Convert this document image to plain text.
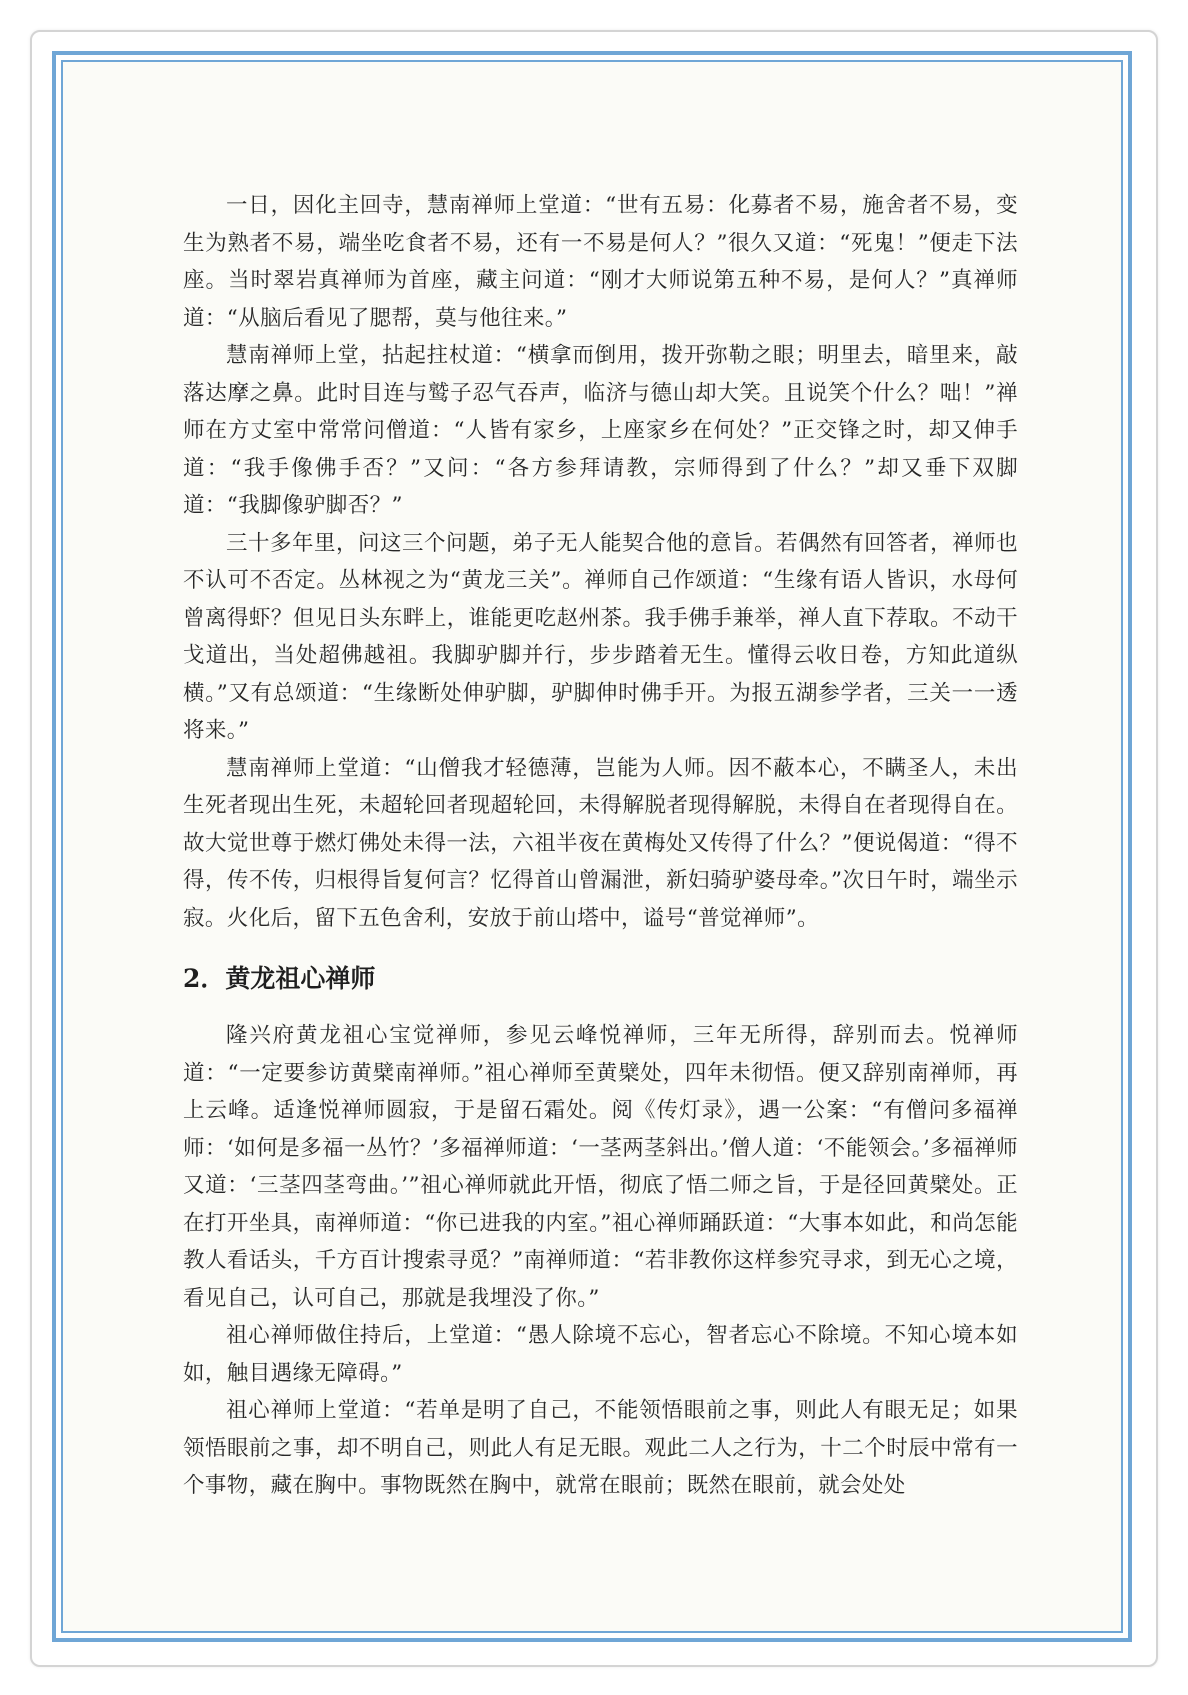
一日，因化主回寺，慧南禅师上堂道：“世有五易：化募者不易，施舍者不易，变生为熟者不易，端坐吃食者不易，还有一不易是何人？”很久又道：“死鬼！”便走下法座。当时翠岩真禅师为首座，藏主问道：“刚才大师说第五种不易，是何人？”真禅师道：“从脑后看见了腮帮，莫与他往来。”

慧南禅师上堂，拈起拄杖道：“横拿而倒用，拨开弥勒之眼；明里去，暗里来，敲落达摩之鼻。此时目连与鹫子忍气吞声，临济与德山却大笑。且说笑个什么？咄！”禅师在方丈室中常常问僧道：“人皆有家乡，上座家乡在何处？”正交锋之时，却又伸手道：“我手像佛手否？”又问：“各方参拜请教，宗师得到了什么？”却又垂下双脚道：“我脚像驴脚否？”

三十多年里，问这三个问题，弟子无人能契合他的意旨。若偶然有回答者，禅师也不认可不否定。丛林视之为“黄龙三关”。禅师自己作颂道：“生缘有语人皆识，水母何曾离得虾？但见日头东畔上，谁能更吃赵州茶。我手佛手兼举，禅人直下荐取。不动干戈道出，当处超佛越祖。我脚驴脚并行，步步踏着无生。懂得云收日卷，方知此道纵横。”又有总颂道：“生缘断处伸驴脚，驴脚伸时佛手开。为报五湖参学者，三关一一透将来。”

慧南禅师上堂道：“山僧我才轻德薄，岂能为人师。因不蔽本心，不瞒圣人，未出生死者现出生死，未超轮回者现超轮回，未得解脱者现得解脱，未得自在者现得自在。故大觉世尊于燃灯佛处未得一法，六祖半夜在黄梅处又传得了什么？”便说偈道：“得不得，传不传，归根得旨复何言？忆得首山曾漏泄，新妇骑驴婆母牵。”次日午时，端坐示寂。火化后，留下五色舍利，安放于前山塔中，谥号“普觉禅师”。

2．黄龙祖心禅师

隆兴府黄龙祖心宝觉禅师，参见云峰悦禅师，三年无所得，辞别而去。悦禅师道：“一定要参访黄檗南禅师。”祖心禅师至黄檗处，四年未彻悟。便又辞别南禅师，再上云峰。适逢悦禅师圆寂，于是留石霜处。阅《传灯录》，遇一公案：“有僧问多福禅师：‘如何是多福一丛竹？’多福禅师道：‘一茎两茎斜出。’僧人道：‘不能领会。’多福禅师又道：‘三茎四茎弯曲。’”祖心禅师就此开悟，彻底了悟二师之旨，于是径回黄檗处。正在打开坐具，南禅师道：“你已进我的内室。”祖心禅师踊跃道：“大事本如此，和尚怎能教人看话头，千方百计搜索寻觅？”南禅师道：“若非教你这样参究寻求，到无心之境，看见自己，认可自己，那就是我埋没了你。”

祖心禅师做住持后，上堂道：“愚人除境不忘心，智者忘心不除境。不知心境本如如，触目遇缘无障碍。”

祖心禅师上堂道：“若单是明了自己，不能领悟眼前之事，则此人有眼无足；如果领悟眼前之事，却不明自己，则此人有足无眼。观此二人之行为，十二个时辰中常有一个事物，藏在胸中。事物既然在胸中，就常在眼前；既然在眼前，就会处处
